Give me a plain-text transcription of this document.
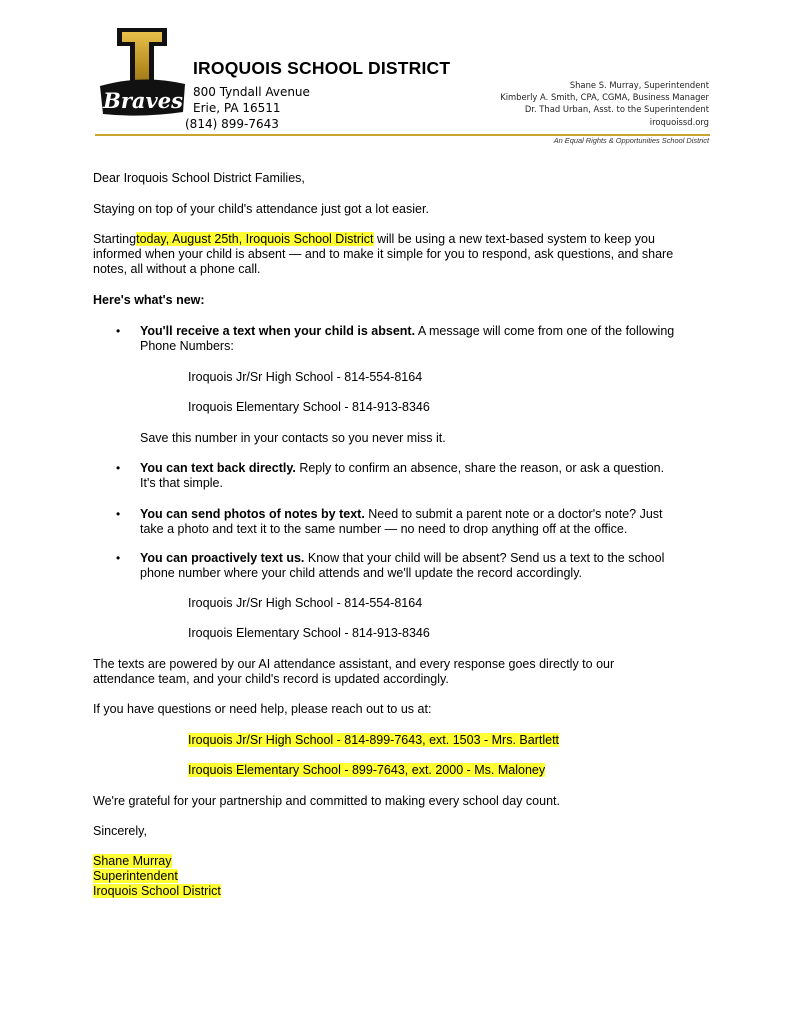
Braves
IROQUOIS SCHOOL DISTRICT
800 Tyndall Avenue
Erie, PA 16511
(814) 899-7643
Shane S. Murray, Superintendent
Kimberly A. Smith, CPA, CGMA, Business Manager
Dr. Thad Urban, Asst. to the Superintendent
iroquoissd.org
An Equal Rights & Opportunities School District
Dear Iroquois School District Families,
Staying on top of your child's attendance just got a lot easier.
Startingtoday, August 25th, Iroquois School District will be using a new text-based system to keep you
informed when your child is absent — and to make it simple for you to respond, ask questions, and share
notes, all without a phone call.
Here's what's new:
• You'll receive a text when your child is absent. A message will come from one of the following
Phone Numbers:
Iroquois Jr/Sr High School - 814-554-8164
Iroquois Elementary School - 814-913-8346
Save this number in your contacts so you never miss it.
• You can text back directly. Reply to confirm an absence, share the reason, or ask a question.
It's that simple.
• You can send photos of notes by text. Need to submit a parent note or a doctor's note? Just
take a photo and text it to the same number — no need to drop anything off at the office.
• You can proactively text us. Know that your child will be absent? Send us a text to the school
phone number where your child attends and we'll update the record accordingly.
Iroquois Jr/Sr High School - 814-554-8164
Iroquois Elementary School - 814-913-8346
The texts are powered by our AI attendance assistant, and every response goes directly to our
attendance team, and your child's record is updated accordingly.
If you have questions or need help, please reach out to us at:
Iroquois Jr/Sr High School - 814-899-7643, ext. 1503 - Mrs. Bartlett
Iroquois Elementary School - 899-7643, ext. 2000 - Ms. Maloney
We're grateful for your partnership and committed to making every school day count.
Sincerely,
Shane Murray
Superintendent
Iroquois School District
